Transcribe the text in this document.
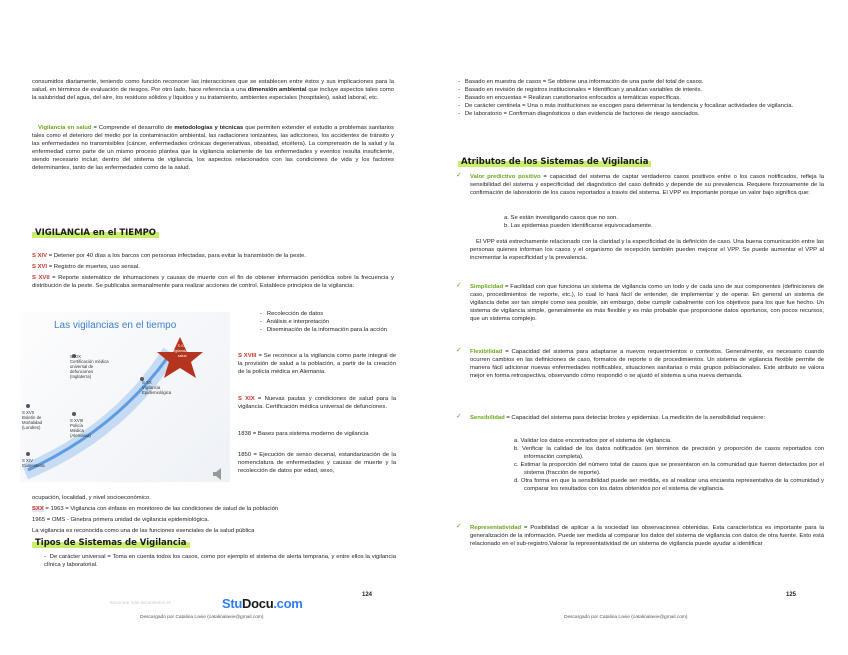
consumidos diariamente, teniendo como función reconocer las interacciones que se establecen entre éstos y sus implicaciones para la salud, en términos de evaluación de riesgos. Por otro lado, hace referencia a una dimensión ambiental que incluye aspectos tales como la salubridad del agua, del aire, los residuos sólidos y líquidos y su tratamiento, ambientes especiales (hospitales), salud laboral, etc.
Vigilancia en salud = Comprende el desarrollo de metodologías y técnicas que permiten extender el estudio a problemas sanitarios tales como el deterioro del medio por la contaminación ambiental, las radiaciones ionizantes, las adicciones, los accidentes de tránsito y las enfermedades no transmisibles (cáncer, enfermedades crónicas degenerativas, obesidad, etcétera). La comprensión de la salud y la enfermedad como parte de un mismo proceso plantea que la vigilancia solamente de las enfermedades y eventos resulta insuficiente, siendo necesario incluir, dentro del sistema de vigilancia, los aspectos relacionados con las condiciones de vida y los factores determinantes, tanto de las enfermedades como de la salud.
VIGILANCIA en el TIEMPO
S XIV = Detener por 40 días a los barcos con personas infectadas, para evitar la transmisión de la peste.
S XVI = Registro de muertes, uso sensal.
S XVII = Reporte sistemático de inhumaciones y causas de muerte con el fin de obtener información periódica sobre la frecuencia y distribución de la peste. Se publicaba semanalmente para realizar acciones de control. Establece principios de la vigilancia:
Las vigilancias en el tiempo
S XIV
Cuarentena
S XVII
Boletín de
Mortalidad
(Londres)
S XVIII
Policía
Médica
(Alemania)
S XIX
Certificación médica
universal de
defunciones
(Inglaterra)
S XX
Vigilancia
Epidemiológica
S XXI
Vigilancia en
salud
-   Recolección de datos
-   Análisis e interpretación
-   Diseminación de la información para la acción
S XVIII = Se reconoce a la vigilancia como parte integral de la provisión de salud a la población, a partir de la creación de la policía médica en Alemania.
S XIX = Nuevas pautas y condiciones de salud para la vigilancia. Certificación médica universal de defunciones.
1838 = Bases para sistema moderno de vigilancia
1850 = Ejecución de senso decenal, estandarización de la nomenclatura de enfermedades y causas de muerte y la recolección de datos por edad, sexo,
ocupación, localidad, y nivel socioeconómico.
SXX = 1963 = Vigilancia con énfasis en monitoreo de las condiciones de salud de la población
1965 = OMS - Ginebra primera unidad de vigilancia epidemiológica.
La vigilancia es reconocida como una de las funciones esenciales de la salud pública
Tipos de Sistemas de Vigilancia
-  De carácter universal = Toma en cuenta todos los casos, como por ejemplo el sistema de alerta temprana, y entre ellos la vigilancia clínica y laboratorial.
124
Encontrar más documentos en	StuDocu.com
Descargado por Catalina Lavie (catalinalavie@gmail.com)
-   Basado en muestra de casos = Se obtiene una información de una parte del total de casos.
-   Basado en revisión de registros institucionales = Identifican y analizan variables de interés.
-   Basado en encuestas = Realizan cuestionarios enfocados a temáticas específicas.
-   De carácter centinela = Una o más instituciones se escogen para determinar la tendencia y focalizar actividades de vigilancia.
-   De laboratorio = Confirman diagnósticos o dan evidencia de factores de riesgo asociados.
Atributos de los Sistemas de Vigilancia
✓ Valor predictivo positivo = capacidad del sistema de captar verdaderos casos positivos entre o los casos notificados, refleja la sensibilidad del sistema y especificidad del diagnóstico del caso definido y depende de su prevalencia. Requiere forzosamente de la confirmación de laboratorio de los casos reportados a través del sistema. El VPP es importante porque un valor bajo significa que:
a. Se están investigando casos que no son.
b. Las epidemias pueden identificarse equivocadamente.
El VPP está estrechamente relacionado con la claridad y la especificidad de la definición de caso. Una buena comunicación entre las personas quienes informan los casos y el organismo de recepción también pueden mejorar el VPP. Se puede aumentar el VPP al incrementar la especificidad y la prevalencia.
✓ Simplicidad = Facilidad con que funciona un sistema de vigilancia como un todo y de cada uno de sus componentes (definiciones de caso, procedimientos de reporte, etc.), lo cual lo hará fácil de entender, de implementar y de operar. En general un sistema de vigilancia debe ser tan simple como sea posible, sin embargo, debe cumplir cabalmente con los objetivos para los que fue hecho. Un sistema de vigilancia simple, generalmente es más flexible y es más probable que proporcione datos oportunos, con pocos recursos, que un sistema complejo.
✓ Flexibilidad = Capacidad del sistema para adaptarse a nuevos requerimientos o contextos. Generalmente, es necesario cuando ocurren cambios en las definiciones de caso, formatos de reporte o de procedimientos. Un sistema de vigilancia flexible permite de manera fácil adicionar nuevas enfermedades notificables, situaciones sanitarias o más grupos poblacionales. Este atributo se valora mejor en forma retrospectiva, observando cómo respondió o se ajustó el sistema a una nueva demanda.
✓ Sensibilidad = Capacidad del sistema para detectar brotes y epidemias. La medición de la sensibilidad requiere:
a. Validar los datos encontrados por el sistema de vigilancia.
b. Verificar la calidad de los datos notificados (en términos de precisión y proporción de casos reportados con información completa).
c. Estimar la proporción del número total de casos que se presentaron en la comunidad que fueron detectados por el sistema (fracción de reporte).
d. Otra forma en que la sensibilidad puede ser medida, es al realizar una encuesta representativa de la comunidad y comparar los resultados con los datos obtenidos por el sistema de vigilancia.
✓ Representatividad = Posibilidad de aplicar a la sociedad las observaciones obtenidas. Esta característica es importante para la generalización de la información. Puede ser medida al comparar los datos del sistema de vigilancia con datos de otra fuente. Esto está relacionado en el sub-registro.Valorar la representatividad de un sistema de vigilancia puede ayudar a identificar
125
Descargado por Catalina Lavie (catalinalavie@gmail.com)
